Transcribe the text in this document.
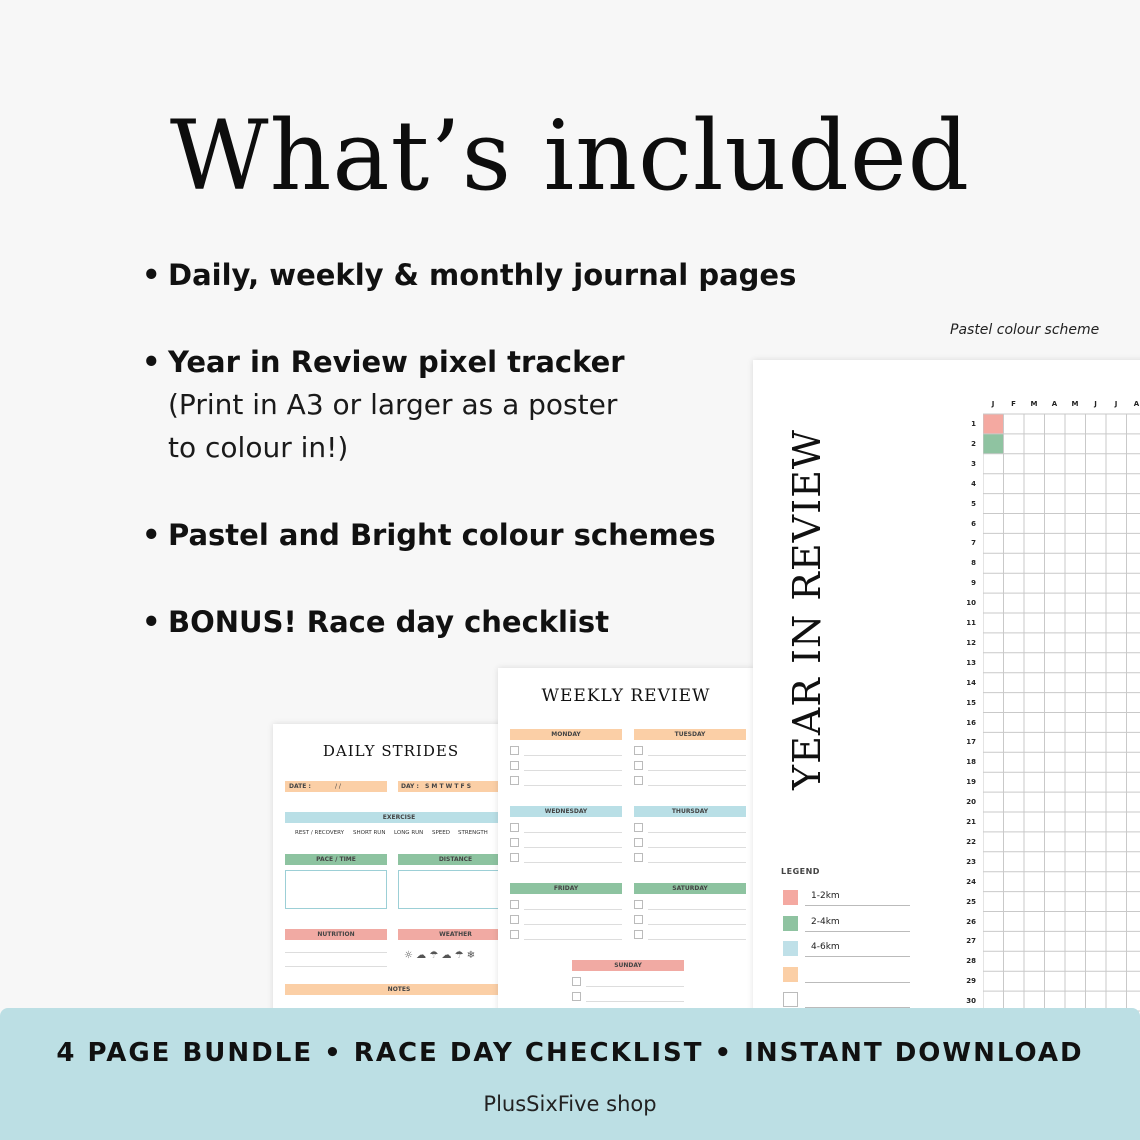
What’s included
• Daily, weekly & monthly journal pages
• Year in Review pixel tracker
(Print in A3 or larger as a poster
to colour in!)
• Pastel and Bright colour schemes
• BONUS! Race day checklist
Pastel colour scheme
DAILY STRIDES
DATE :	/ /	DAY : S M T W T F S
EXERCISE
REST / RECOVERY SHORT RUN LONG RUN SPEED STRENGTH
PACE / TIME	DISTANCE
NUTRITION	WEATHER
☼ ☁ ☂ ☁ ☂ ❄
NOTES
WEEKLY REVIEW
MONDAY	TUESDAY
WEDNESDAY	THURSDAY
FRIDAY	SATURDAY
SUNDAY
YEAR IN REVIEW
J	F	M	A	M	J	J	A
1
2
3
4
5
6
7
8
9
10
11
12
13
14
15
16
17
18
19
20
21
22
23
24
25
26
27
28
29
30
LEGEND
1-2km
2-4km
4-6km
4 PAGE BUNDLE • RACE DAY CHECKLIST • INSTANT DOWNLOAD
PlusSixFive shop
